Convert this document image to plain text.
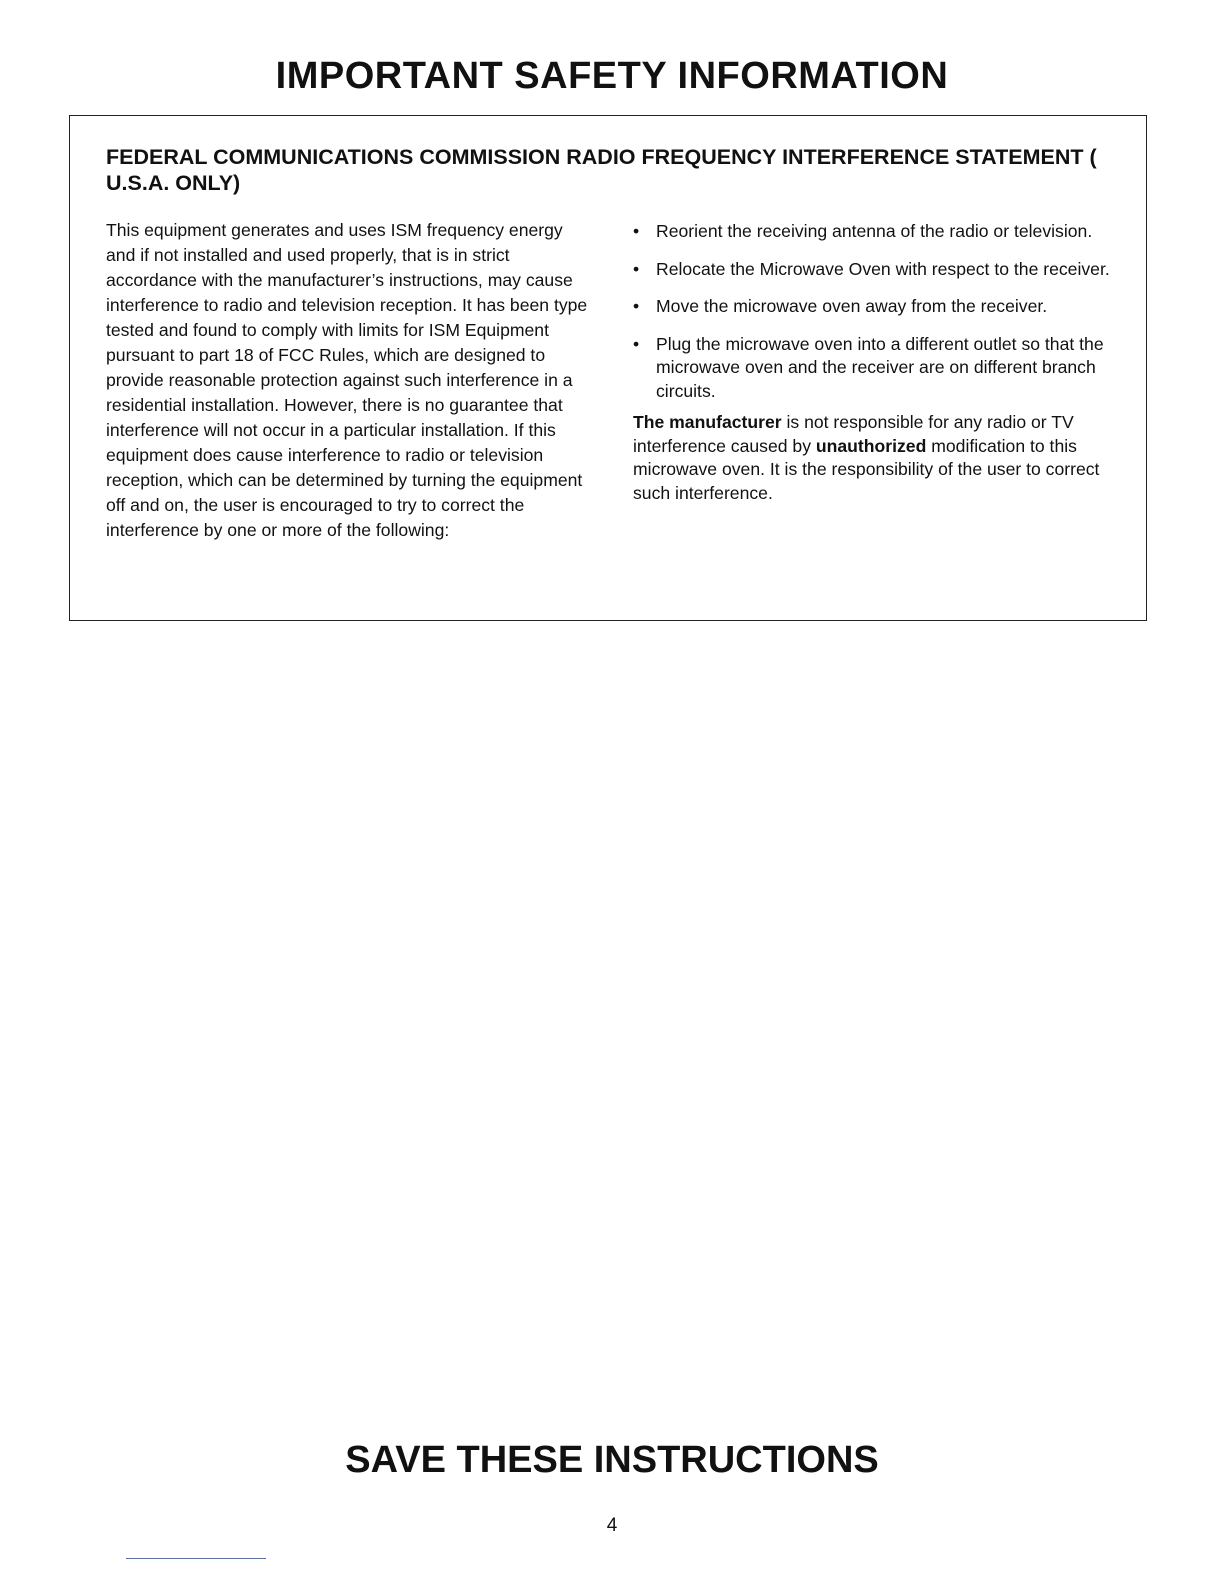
IMPORTANT SAFETY INFORMATION
FEDERAL COMMUNICATIONS COMMISSION RADIO FREQUENCY INTERFERENCE STATEMENT ( U.S.A. ONLY)

This equipment generates and uses ISM frequency energy and if not installed and used properly, that is in strict accordance with the manufacturer’s instructions, may cause interference to radio and television reception. It has been type tested and found to comply with limits for ISM Equipment pursuant to part 18 of FCC Rules, which are designed to provide reasonable protection against such interference in a residential installation. However, there is no guarantee that interference will not occur in a particular installation. If this equipment does cause interference to radio or television reception, which can be determined by turning the equipment off and on, the user is encouraged to try to correct the interference by one or more of the following:

• Reorient the receiving antenna of the radio or television.
• Relocate the Microwave Oven with respect to the receiver.
• Move the microwave oven away from the receiver.
• Plug the microwave oven into a different outlet so that the microwave oven and the receiver are on different branch circuits.

The manufacturer is not responsible for any radio or TV interference caused by unauthorized modification to this microwave oven. It is the responsibility of the user to correct such interference.

SAVE THESE INSTRUCTIONS
4
